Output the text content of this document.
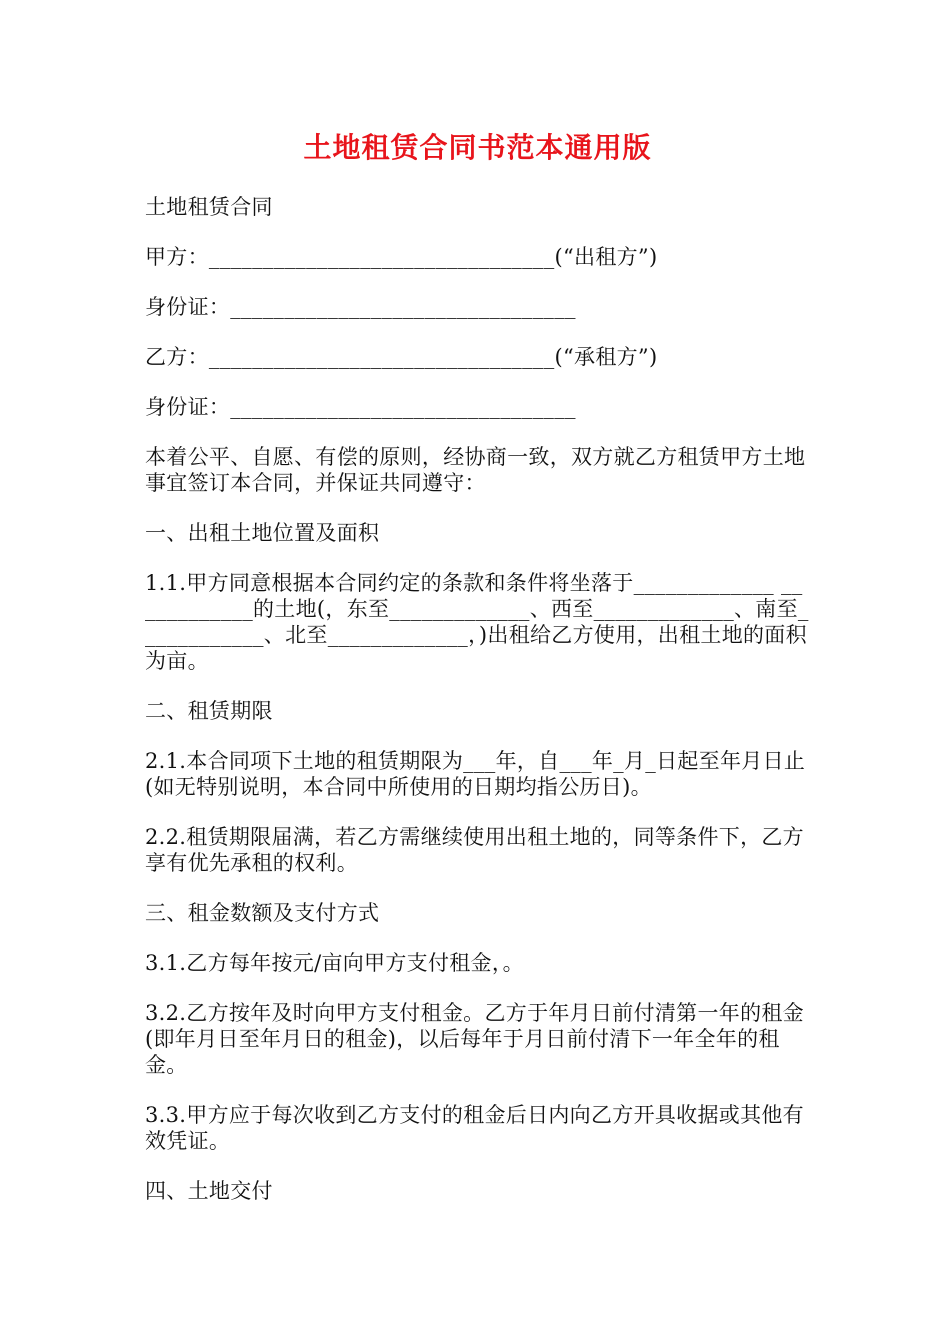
土地租赁合同书范本通用版
土地租赁合同
甲方：________________________________(“出租方”)
身份证：________________________________
乙方：________________________________(“承租方”)
身份证：________________________________
本着公平、自愿、有偿的原则，经协商一致，双方就乙方租赁甲方土地事宜签订本合同，并保证共同遵守：
一、出租土地位置及面积
1.1.甲方同意根据本合同约定的条款和条件将坐落于_____________ ____________的土地(，东至_____________、西至_____________、南至____________、北至_____________，)出租给乙方使用，出租土地的面积为亩。
二、租赁期限
2.1.本合同项下土地的租赁期限为___年，自___年_月_日起至年月日止(如无特别说明，本合同中所使用的日期均指公历日)。
2.2.租赁期限届满，若乙方需继续使用出租土地的，同等条件下，乙方享有优先承租的权利。
三、租金数额及支付方式
3.1.乙方每年按元/亩向甲方支付租金，。
3.2.乙方按年及时向甲方支付租金。乙方于年月日前付清第一年的租金(即年月日至年月日的租金)，以后每年于月日前付清下一年全年的租金。
3.3.甲方应于每次收到乙方支付的租金后日内向乙方开具收据或其他有效凭证。
四、土地交付
